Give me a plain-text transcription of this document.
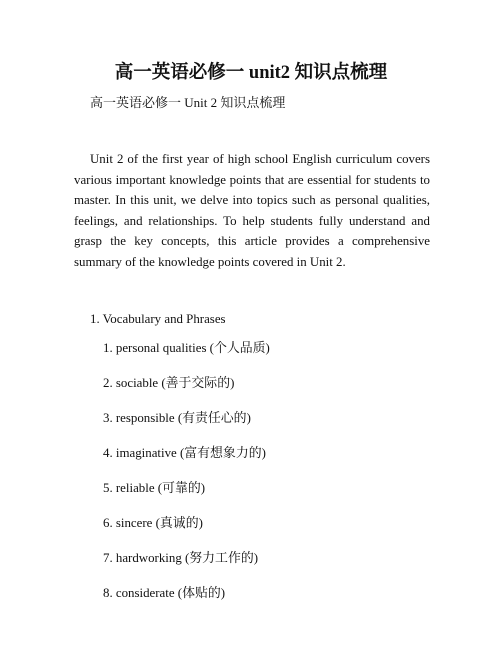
高一英语必修一 unit2 知识点梳理
高一英语必修一 Unit 2 知识点梳理

Unit 2 of the first year of high school English curriculum covers various important knowledge points that are essential for students to master. In this unit, we delve into topics such as personal qualities, feelings, and relationships. To help students fully understand and grasp the key concepts, this article provides a comprehensive summary of the knowledge points covered in Unit 2.

1. Vocabulary and Phrases
1. personal qualities (个人品质)
2. sociable (善于交际的)
3. responsible (有责任心的)
4. imaginative (富有想象力的)
5. reliable (可靠的)
6. sincere (真诚的)
7. hardworking (努力工作的)
8. considerate (体贴的)
